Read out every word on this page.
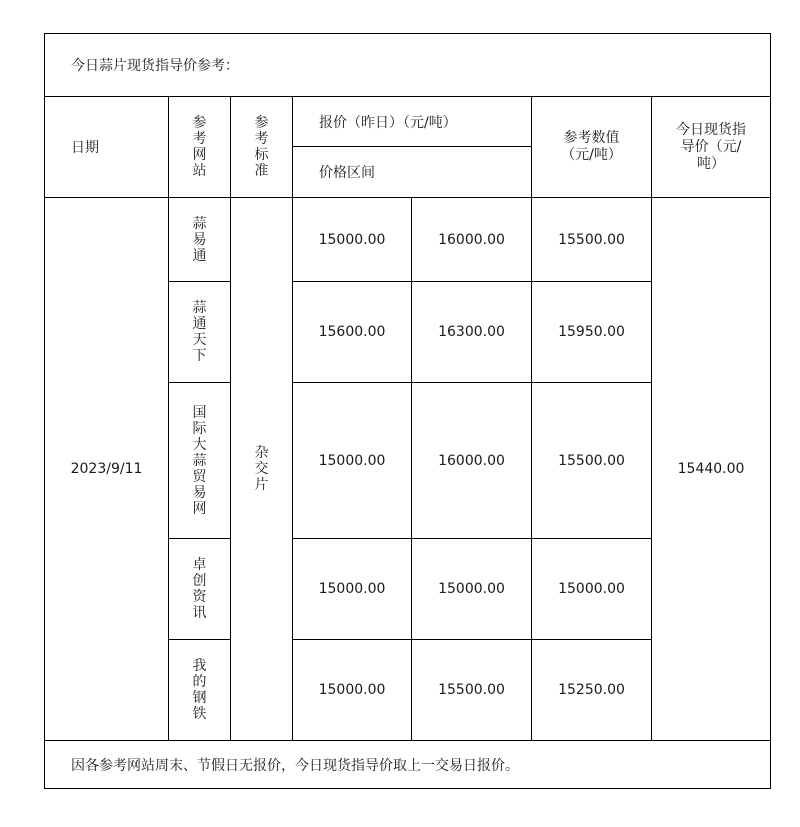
今日蒜片现货指导价参考：						
日期	参考网站	参考标准	报价（昨日）（元/吨）		参考数值（元/吨）	今日现货指导价（元/吨）
			价格区间			
2023/9/11	蒜易通	杂交片	15000.00	16000.00	15500.00	15440.00
	蒜通天下		15600.00	16300.00	15950.00	
	国际大蒜贸易网		15000.00	16000.00	15500.00	
	卓创资讯		15000.00	15000.00	15000.00	
	我的钢铁		15000.00	15500.00	15250.00	
因各参考网站周末、节假日无报价，今日现货指导价取上一交易日报价。						
